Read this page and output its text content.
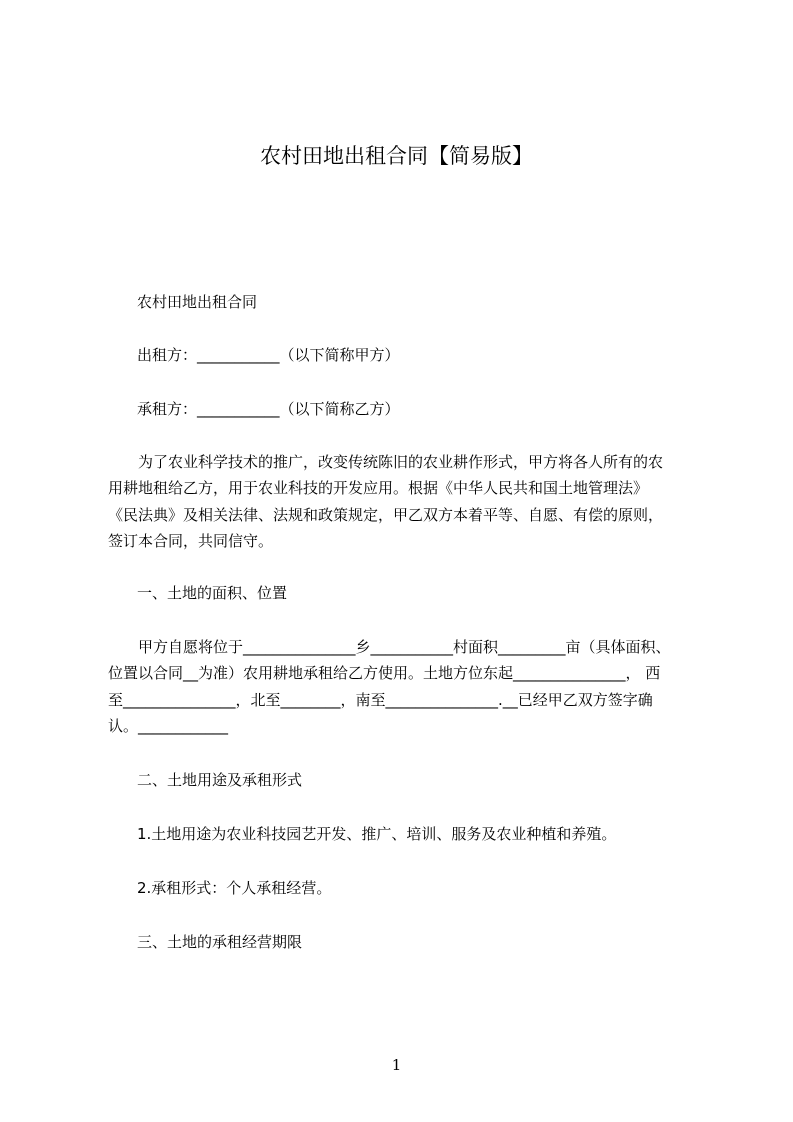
农村田地出租合同【简易版】
农村田地出租合同
出租方：___________（以下简称甲方）
承租方：___________（以下简称乙方）
为了农业科学技术的推广，改变传统陈旧的农业耕作形式，甲方将各人所有的农
用耕地租给乙方，用于农业科技的开发应用。根据《中华人民共和国土地管理法》
《民法典》及相关法律、法规和政策规定，甲乙双方本着平等、自愿、有偿的原则，
签订本合同，共同信守。
一、土地的面积、位置
甲方自愿将位于_______________乡___________村面积_________亩（具体面积、
位置以合同__为准）农用耕地承租给乙方使用。土地方位东起_______________， 西
至_______________，北至________，南至_______________.__已经甲乙双方签字确
认。____________
二、土地用途及承租形式
1.土地用途为农业科技园艺开发、推广、培训、服务及农业种植和养殖。
2.承租形式：个人承租经营。
三、土地的承租经营期限
1
